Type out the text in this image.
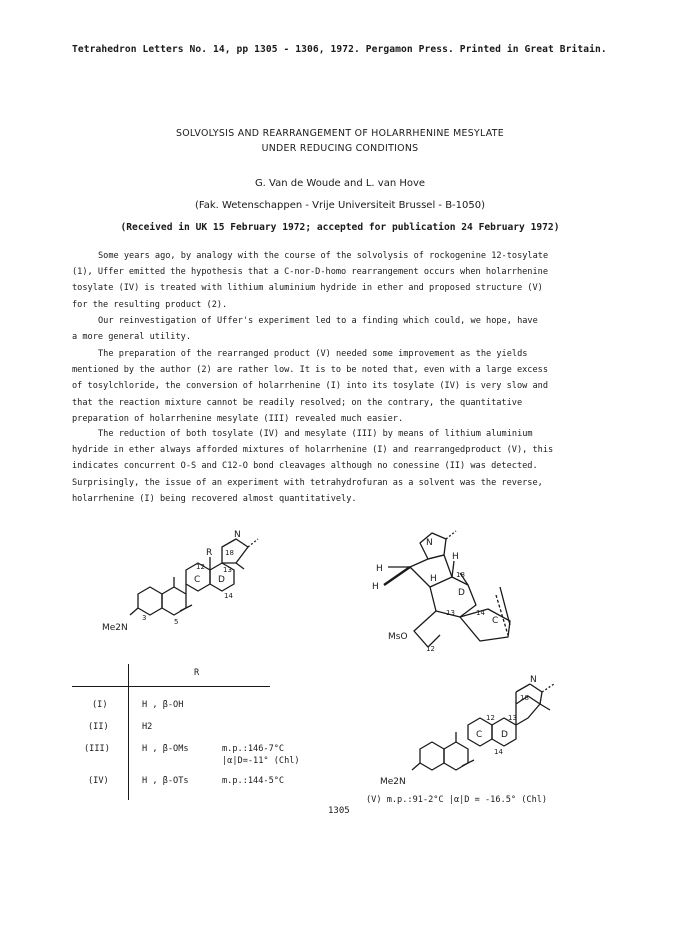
Tetrahedron Letters No. 14, pp 1305 - 1306, 1972. Pergamon Press. Printed in Great Britain.
SOLVOLYSIS AND REARRANGEMENT OF HOLARRHENINE MESYLATE
UNDER REDUCING CONDITIONS
G. Van de Woude and L. van Hove
(Fak. Wetenschappen - Vrije Universiteit Brussel - B-1050)
(Received in UK 15 February 1972; accepted for publication 24 February 1972)

Some years ago, by analogy with the course of the solvolysis of rockogenine 12-tosylate

(1), Uffer emitted the hypothesis that a C-nor-D-homo rearrangement occurs when holarrhenine

tosylate (IV) is treated with lithium aluminium hydride in ether and proposed structure (V)

for the resulting product (2).

Our reinvestigation of Uffer's experiment led to a finding which could, we hope, have

a more general utility.

The preparation of the rearranged product (V) needed some improvement as the yields

mentioned by the author (2) are rather low. It is to be noted that, even with a large excess

of tosylchloride, the conversion of holarrhenine (I) into its tosylate (IV) is very slow and

that the reaction mixture cannot be readily resolved; on the contrary, the quantitative

preparation of holarrhenine mesylate (III) revealed much easier.

The reduction of both tosylate (IV) and mesylate (III) by means of lithium aluminium

hydride in ether always afforded mixtures of holarrhenine (I) and rearrangedproduct (V), this

indicates concurrent O-S and C12-O bond cleavages although no conessine (II) was detected.

Surprisingly, the issue of an experiment with tetrahydrofuran as a solvent was the reverse,

holarrhenine (I) being recovered almost quantitatively.

Me2N
R
N
C D
12	13
14
18
3	5
N
H
H
H
H
D
C
18
13	14
12
MsO
R
(I)	H , β-OH
(II)	H2
(III)	H , β-OMs	m.p.:146-7°C
|α|D=-11° (Chl)
(IV)	H , β-OTs	m.p.:144-5°C	Me2N
N
C D
12 13
14
18
(V) m.p.:91-2°C |α|D = -16.5° (Chl)
1305
